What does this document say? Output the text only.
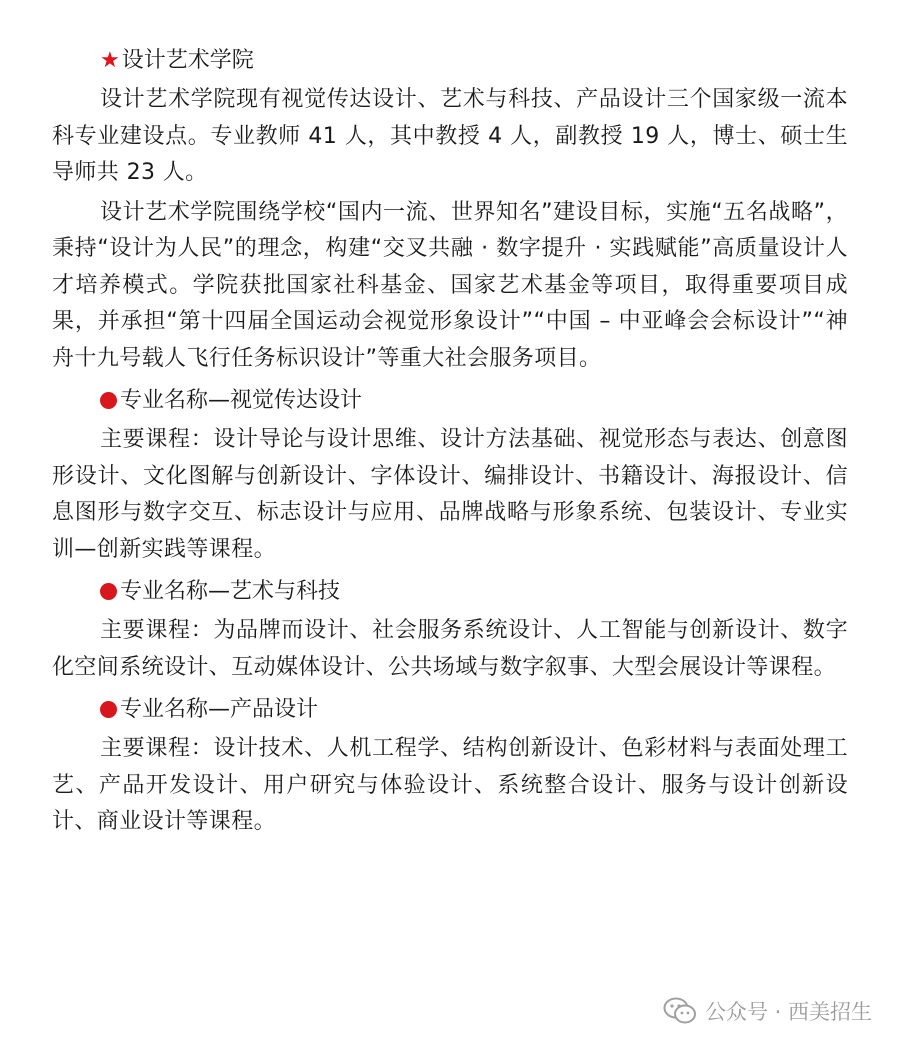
★设计艺术学院

设计艺术学院现有视觉传达设计、艺术与科技、产品设计三个国家级一流本科专业建设点。专业教师 41 人，其中教授 4 人，副教授 19 人，博士、硕士生导师共 23 人。

设计艺术学院围绕学校“国内一流、世界知名”建设目标，实施“五名战略”，秉持“设计为人民”的理念，构建“交叉共融 · 数字提升 · 实践赋能”高质量设计人才培养模式。学院获批国家社科基金、国家艺术基金等项目，取得重要项目成果，并承担“第十四届全国运动会视觉形象设计”“中国 – 中亚峰会会标设计”“神舟十九号载人飞行任务标识设计”等重大社会服务项目。

专业名称—视觉传达设计

主要课程：设计导论与设计思维、设计方法基础、视觉形态与表达、创意图形设计、文化图解与创新设计、字体设计、编排设计、书籍设计、海报设计、信息图形与数字交互、标志设计与应用、品牌战略与形象系统、包装设计、专业实训—创新实践等课程。

专业名称—艺术与科技

主要课程：为品牌而设计、社会服务系统设计、人工智能与创新设计、数字化空间系统设计、互动媒体设计、公共场域与数字叙事、大型会展设计等课程。

专业名称—产品设计

主要课程：设计技术、人机工程学、结构创新设计、色彩材料与表面处理工艺、产品开发设计、用户研究与体验设计、系统整合设计、服务与设计创新设计、商业设计等课程。

公众号 · 西美招生
